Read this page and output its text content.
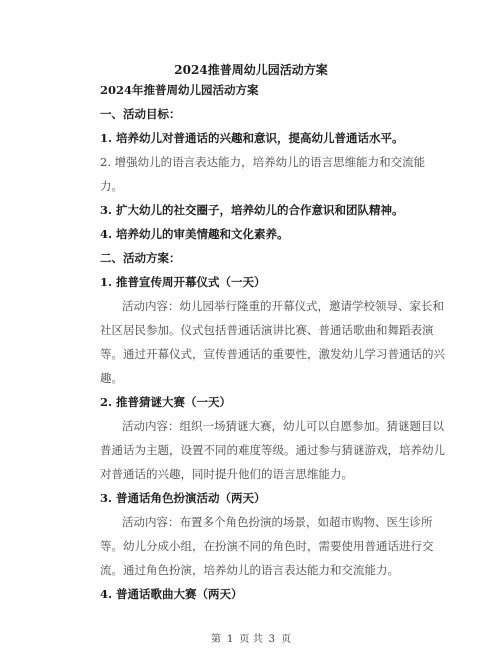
2024推普周幼儿园活动方案
2024年推普周幼儿园活动方案
一、活动目标：
1. 培养幼儿对普通话的兴趣和意识，提高幼儿普通话水平。
2. 增强幼儿的语言表达能力，培养幼儿的语言思维能力和交流能
力。
3. 扩大幼儿的社交圈子，培养幼儿的合作意识和团队精神。
4. 培养幼儿的审美情趣和文化素养。
二、活动方案：
1. 推普宣传周开幕仪式（一天）
活动内容：幼儿园举行隆重的开幕仪式，邀请学校领导、家长和
社区居民参加。仪式包括普通话演讲比赛、普通话歌曲和舞蹈表演
等。通过开幕仪式，宣传普通话的重要性，激发幼儿学习普通话的兴
趣。
2. 推普猜谜大赛（一天）
活动内容：组织一场猜谜大赛，幼儿可以自愿参加。猜谜题目以
普通话为主题，设置不同的难度等级。通过参与猜谜游戏，培养幼儿
对普通话的兴趣，同时提升他们的语言思维能力。
3. 普通话角色扮演活动（两天）
活动内容：布置多个角色扮演的场景，如超市购物、医生诊所
等。幼儿分成小组，在扮演不同的角色时，需要使用普通话进行交
流。通过角色扮演，培养幼儿的语言表达能力和交流能力。
4. 普通话歌曲大赛（两天）
第 1 页 共 3 页
